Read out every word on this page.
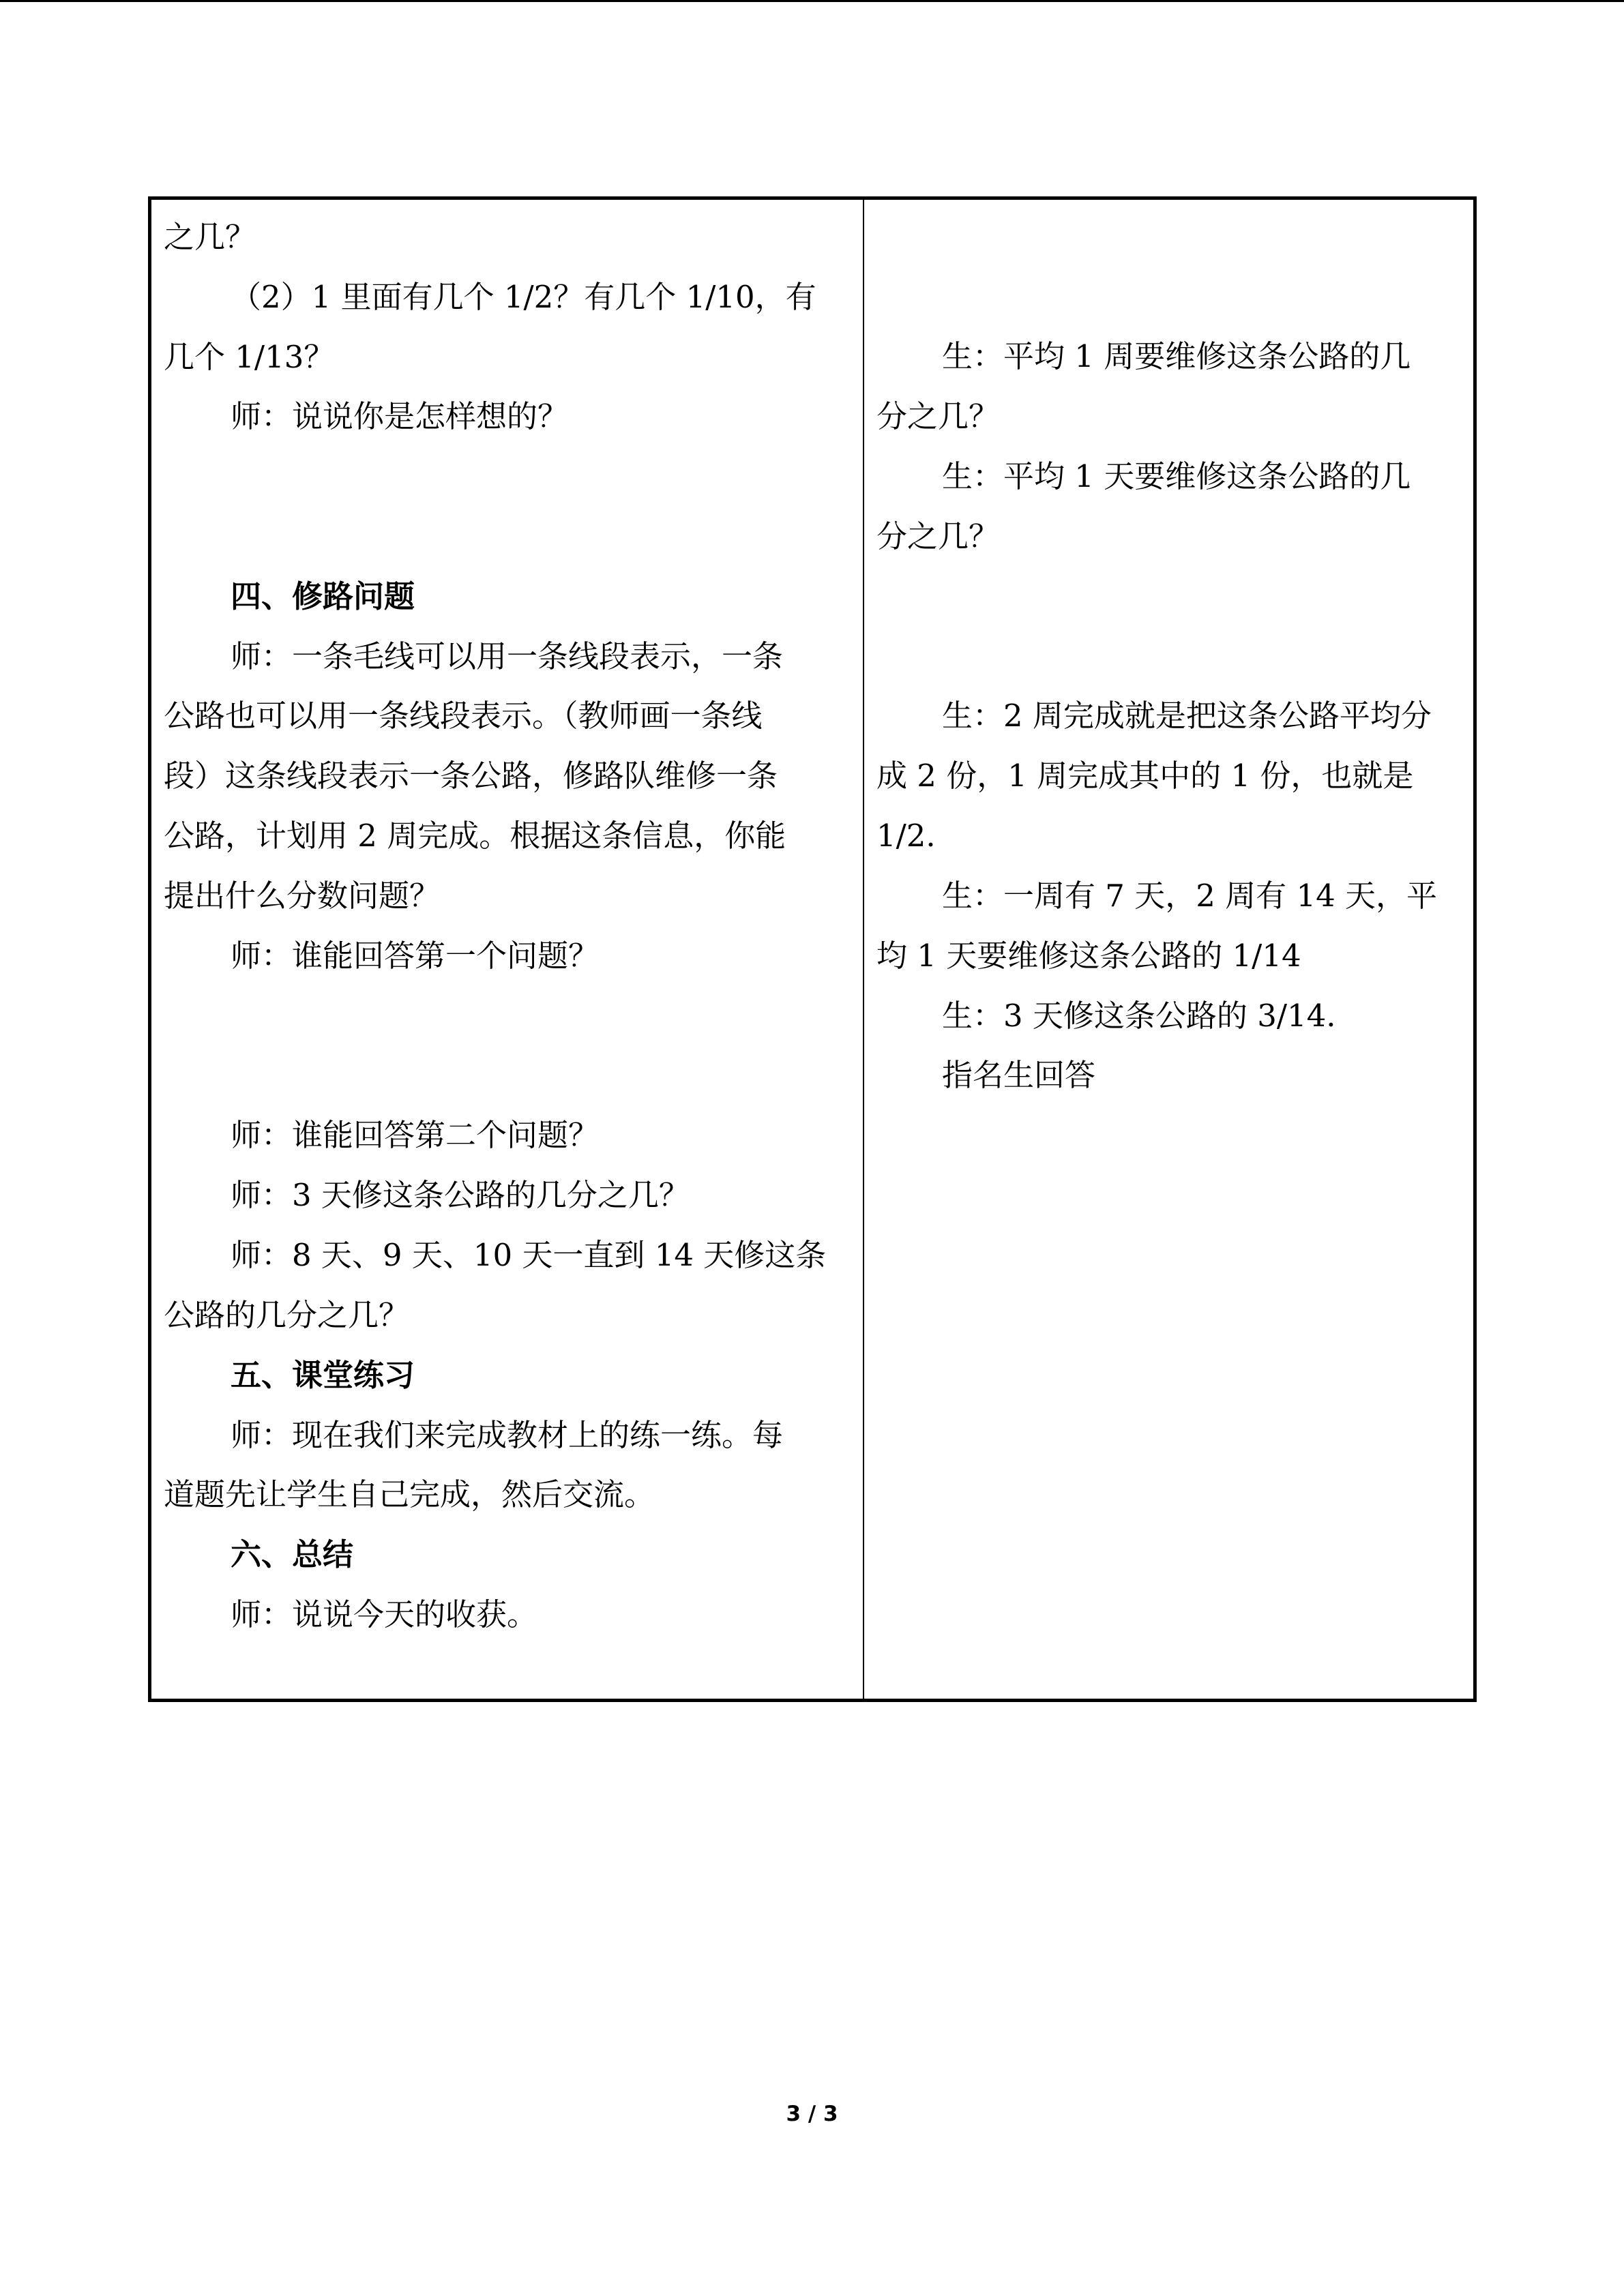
之几？
（2）1 里面有几个 1/2？有几个 1/10，有
几个 1/13？
师：说说你是怎样想的？
四、修路问题
师：一条毛线可以用一条线段表示，一条
公路也可以用一条线段表示。（教师画一条线
段）这条线段表示一条公路，修路队维修一条
公路，计划用 2 周完成。根据这条信息，你能
提出什么分数问题？
师：谁能回答第一个问题？
师：谁能回答第二个问题？
师：3 天修这条公路的几分之几？
师：8 天、9 天、10 天一直到 14 天修这条
公路的几分之几？
五、课堂练习
师：现在我们来完成教材上的练一练。每
道题先让学生自己完成，然后交流。
六、总结
师：说说今天的收获。
生：平均 1 周要维修这条公路的几
分之几？
生：平均 1 天要维修这条公路的几
分之几？
生：2 周完成就是把这条公路平均分
成 2 份，1 周完成其中的 1 份，也就是
1/2.
生：一周有 7 天，2 周有 14 天，平
均 1 天要维修这条公路的 1/14
生：3 天修这条公路的 3/14.
指名生回答
3 / 3
